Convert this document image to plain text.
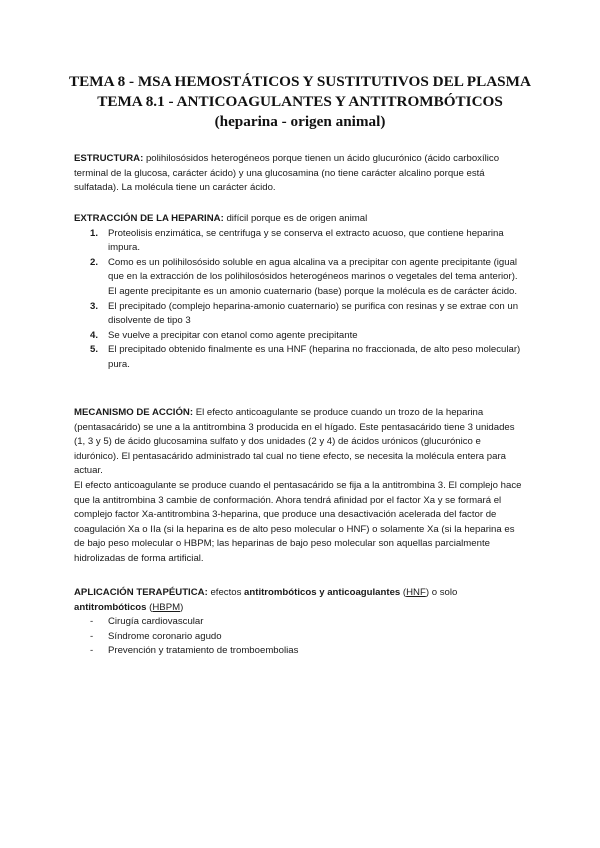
TEMA 8 - MSA HEMOSTÁTICOS Y SUSTITUTIVOS DEL PLASMA
TEMA 8.1 - ANTICOAGULANTES Y ANTITROMBÓTICOS
(heparina - origen animal)

ESTRUCTURA: polihilosósidos heterogéneos porque tienen un ácido glucurónico (ácido carboxílico terminal de la glucosa, carácter ácido) y una glucosamina (no tiene carácter alcalino porque está sulfatada). La molécula tiene un carácter ácido.

EXTRACCIÓN DE LA HEPARINA: difícil porque es de origen animal

1. Proteolisis enzimática, se centrifuga y se conserva el extracto acuoso, que contiene heparina impura.
2. Como es un polihilosósido soluble en agua alcalina va a precipitar con agente precipitante (igual que en la extracción de los polihilosósidos heterogéneos marinos o vegetales del tema anterior). El agente precipitante es un amonio cuaternario (base) porque la molécula es de carácter ácido.
3. El precipitado (complejo heparina-amonio cuaternario) se purifica con resinas y se extrae con un disolvente de tipo 3
4. Se vuelve a precipitar con etanol como agente precipitante
5. El precipitado obtenido finalmente es una HNF (heparina no fraccionada, de alto peso molecular) pura.

MECANISMO DE ACCIÓN: El efecto anticoagulante se produce cuando un trozo de la heparina (pentasacárido) se une a la antitrombina 3 producida en el hígado. Este pentasacárido tiene 3 unidades (1, 3 y 5) de ácido glucosamina sulfato y dos unidades (2 y 4) de ácidos urónicos (glucurónico e idurónico). El pentasacárido administrado tal cual no tiene efecto, se necesita la molécula entera para actuar.

El efecto anticoagulante se produce cuando el pentasacárido se fija a la antitrombina 3. El complejo hace que la antitrombina 3 cambie de conformación. Ahora tendrá afinidad por el factor Xa y se formará el complejo factor Xa-antitrombina 3-heparina, que produce una desactivación acelerada del factor de coagulación Xa o IIa (si la heparina es de alto peso molecular o HNF) o solamente Xa (si la heparina es de bajo peso molecular o HBPM; las heparinas de bajo peso molecular son aquellas parcialmente hidrolizadas de forma artificial.

APLICACIÓN TERAPÉUTICA: efectos antitrombóticos y anticoagulantes (HNF) o solo antitrombóticos (HBPM)

- Cirugía cardiovascular
- Síndrome coronario agudo
- Prevención y tratamiento de tromboembolias
